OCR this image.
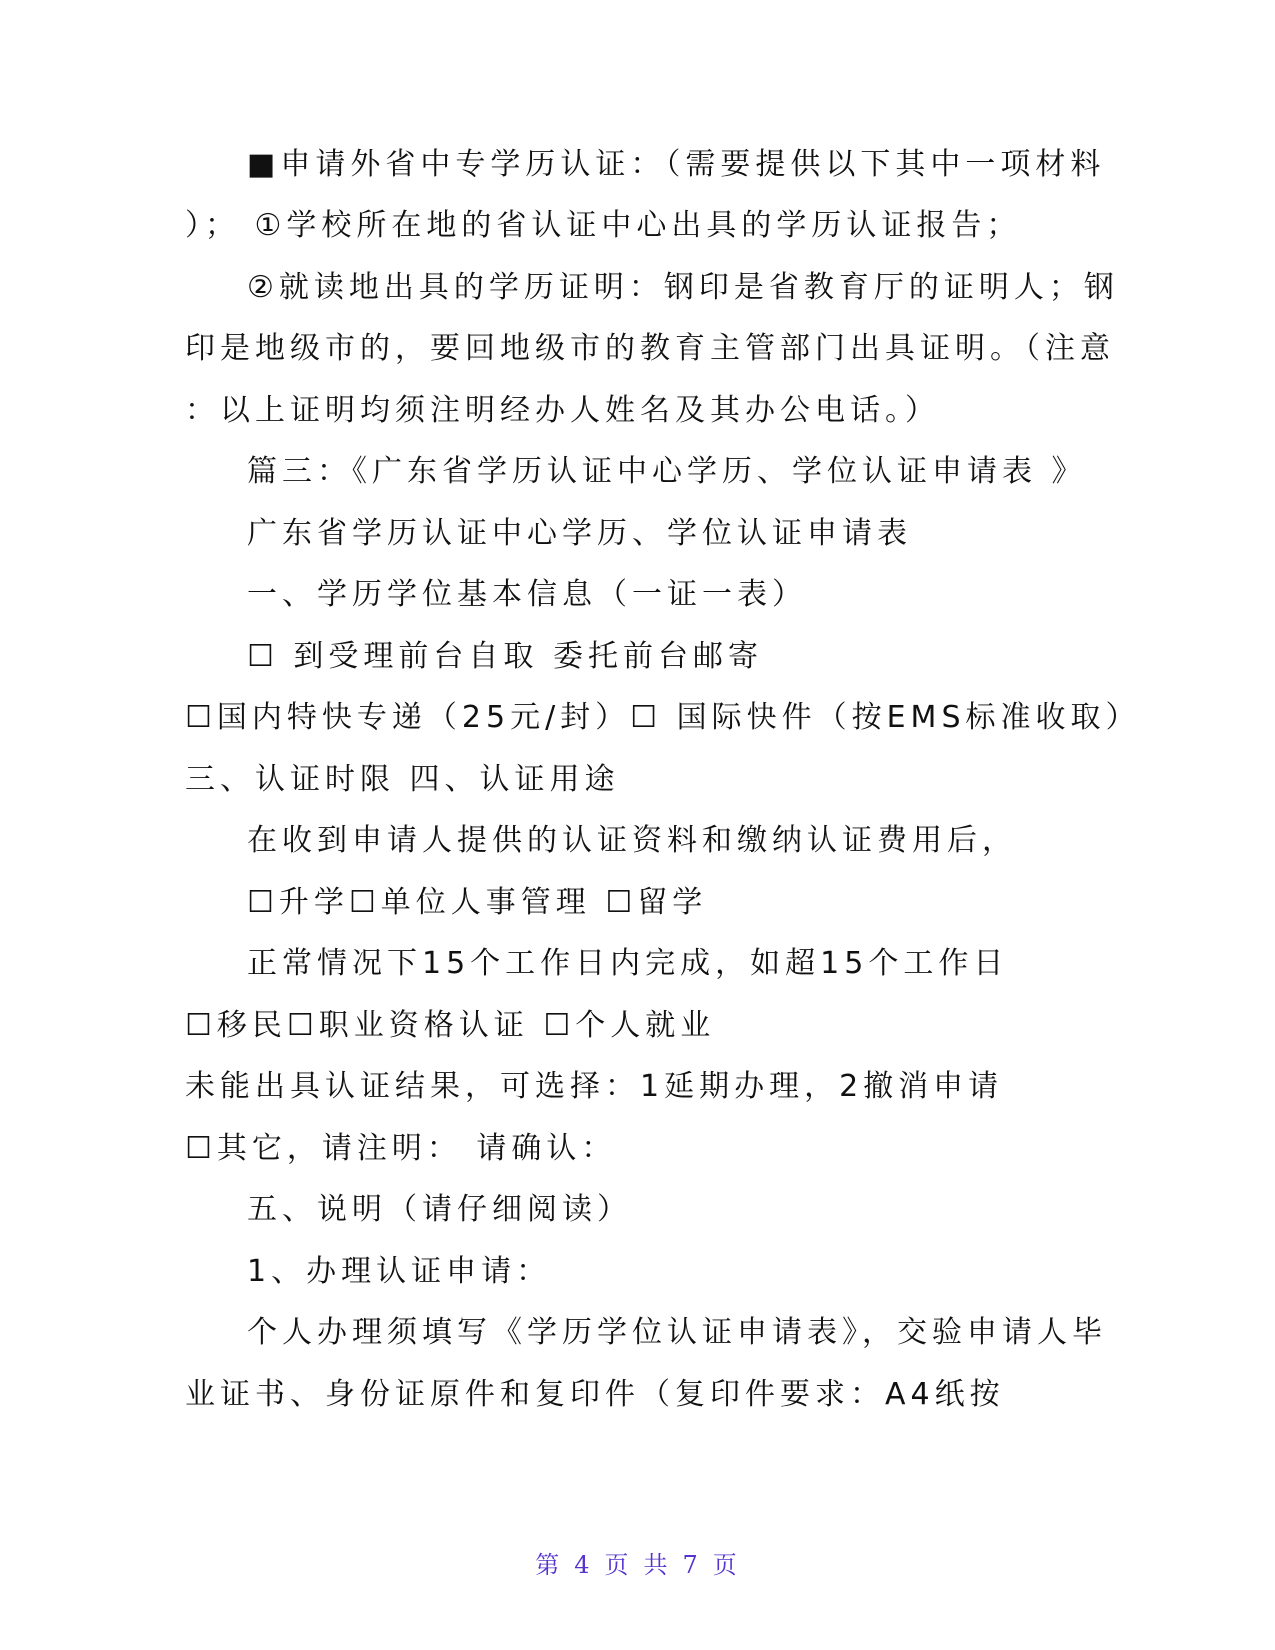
■申请外省中专学历认证：（需要提供以下其中一项材料
）； ①学校所在地的省认证中心出具的学历认证报告；
②就读地出具的学历证明：钢印是省教育厅的证明人；钢
印是地级市的，要回地级市的教育主管部门出具证明。（注意
：以上证明均须注明经办人姓名及其办公电话。）
篇三：《广东省学历认证中心学历、学位认证申请表 》
广东省学历认证中心学历、学位认证申请表
一、学历学位基本信息（一证一表）
☐ 到受理前台自取 委托前台邮寄
☐国内特快专递（25元/封）☐ 国际快件（按EMS标准收取）
三、认证时限 四、认证用途
在收到申请人提供的认证资料和缴纳认证费用后，
☐升学☐单位人事管理 ☐留学
正常情况下15个工作日内完成，如超15个工作日
☐移民☐职业资格认证 ☐个人就业
未能出具认证结果，可选择：1延期办理，2撤消申请
☐其它，请注明： 请确认：
五、说明（请仔细阅读）
1、办理认证申请：
个人办理须填写《学历学位认证申请表》，交验申请人毕
业证书、身份证原件和复印件（复印件要求：A4纸按
第 4 页 共 7 页
